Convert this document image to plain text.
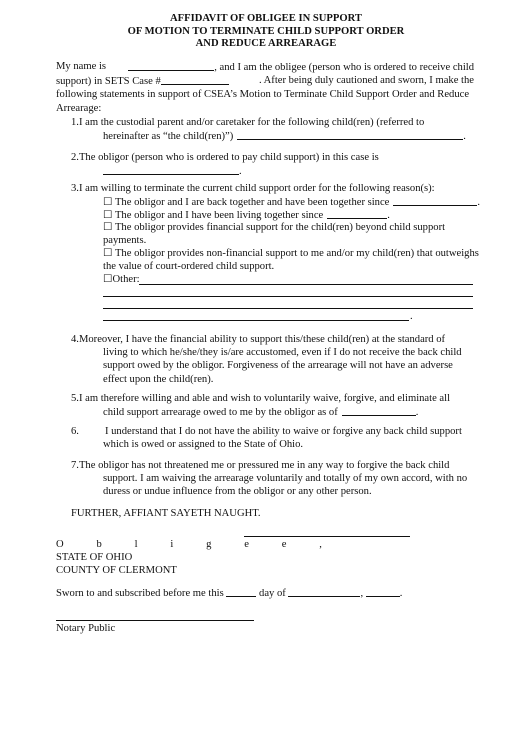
AFFIDAVIT OF OBLIGEE IN SUPPORT
OF MOTION TO TERMINATE CHILD SUPPORT ORDER
AND REDUCE ARREARAGE
My name is	, and I am the obligee (person who is ordered to receive child
support) in SETS Case #	. After being duly cautioned and sworn, I make the
following statements in support of CSEA’s Motion to Terminate Child Support Order and Reduce
Arrearage:
1.I am the custodial parent and/or caretaker for the following child(ren) (referred to
hereinafter as “the child(ren)”)	.
2.The obligor (person who is ordered to pay child support) in this case is
.
3.I am willing to terminate the current child support order for the following reason(s):
☐ The obligor and I are back together and have been together since	.
☐ The obligor and I have been living together since	.
☐ The obligor provides financial support for the child(ren) beyond child support
payments.
☐ The obligor provides non-financial support to me and/or my child(ren) that outweighs
the value of court-ordered child support.
☐Other:
.
4.Moreover, I have the financial ability to support this/these child(ren) at the standard of
living to which he/she/they is/are accustomed, even if I do not receive the back child
support owed by the obligor. Forgiveness of the arrearage will not have an adverse
effect upon the child(ren).
5.I am therefore willing and able and wish to voluntarily waive, forgive, and eliminate all
child support arrearage owed to me by the obligor as of	.
6. I understand that I do not have the ability to waive or forgive any back child support
which is owed or assigned to the State of Ohio.
7.The obligor has not threatened me or pressured me in any way to forgive the back child
support. I am waiving the arrearage voluntarily and totally of my own accord, with no
duress or undue influence from the obligor or any other person.
FURTHER, AFFIANT SAYETH NAUGHT.
O	b	l	i	g	e	e	,
STATE OF OHIO
COUNTY OF CLERMONT
Sworn to and subscribed before me this	day of	,	.
Notary Public
